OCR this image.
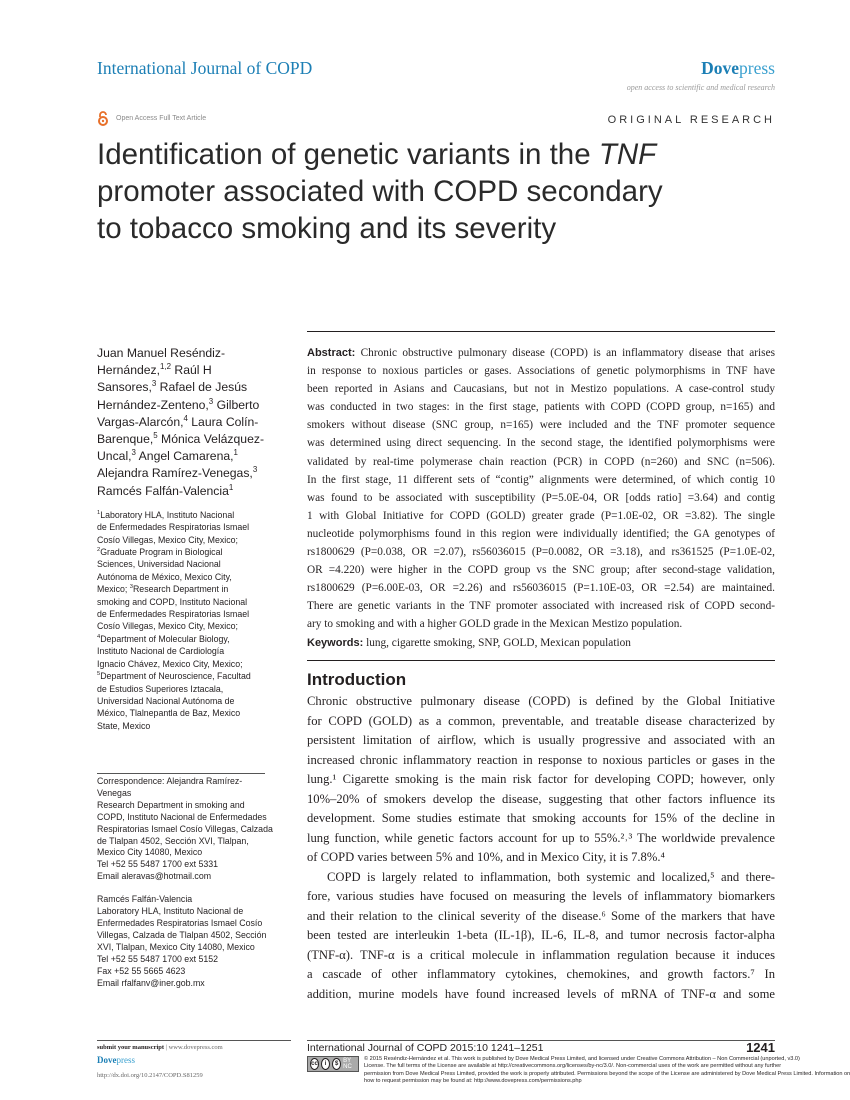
International Journal of COPD	Dovepress
open access to scientific and medical research
Open Access Full Text Article	ORIGINAL RESEARCH
Identification of genetic variants in the TNF
promoter associated with COPD secondary
to tobacco smoking and its severity
Juan Manuel Reséndiz-
Hernández,$^{1,2}$ Raúl H
Sansores,$^3$ Rafael de Jesús
Hernández-Zenteno,$^3$ Gilberto
Vargas-Alarcón,$^4$ Laura Colín-
Barenque,$^5$ Mónica Velázquez-
Uncal,$^3$ Angel Camarena,$^1$
Alejandra Ramírez-Venegas,$^3$
Ramcés Falfán-Valencia$^1$
$^1$Laboratory HLA, Instituto Nacional
de Enfermedades Respiratorias Ismael
Cosío Villegas, Mexico City, Mexico;
$^2$Graduate Program in Biological
Sciences, Universidad Nacional
Autónoma de México, Mexico City,
Mexico; $^3$Research Department in
smoking and COPD, Instituto Nacional
de Enfermedades Respiratorias Ismael
Cosío Villegas, Mexico City, Mexico;
$^4$Department of Molecular Biology,
Instituto Nacional de Cardiología
Ignacio Chávez, Mexico City, Mexico;
$^5$Department of Neuroscience, Facultad
de Estudios Superiores Iztacala,
Universidad Nacional Autónoma de
México, Tlalnepantla de Baz, Mexico
State, Mexico
Correspondence: Alejandra Ramírez-
Venegas
Research Department in smoking and
COPD, Instituto Nacional de Enfermedades
Respiratorias Ismael Cosío Villegas, Calzada
de Tlalpan 4502, Sección XVI, Tlalpan,
Mexico City 14080, Mexico
Tel +52 55 5487 1700 ext 5331
Email aleravas@hotmail.com
Ramcés Falfán-Valencia
Laboratory HLA, Instituto Nacional de
Enfermedades Respiratorias Ismael Cosío
Villegas, Calzada de Tlalpan 4502, Sección
XVI, Tlalpan, Mexico City 14080, Mexico
Tel +52 55 5487 1700 ext 5152
Fax +52 55 5665 4623
Email rfalfanv@iner.gob.mx
Abstract: Chronic obstructive pulmonary disease (COPD) is an inflammatory disease that arises
in response to noxious particles or gases. Associations of genetic polymorphisms in TNF have
been reported in Asians and Caucasians, but not in Mestizo populations. A case-control study
was conducted in two stages: in the first stage, patients with COPD (COPD group, n=165) and
smokers without disease (SNC group, n=165) were included and the TNF promoter sequence
was determined using direct sequencing. In the second stage, the identified polymorphisms were
validated by real-time polymerase chain reaction (PCR) in COPD (n=260) and SNC (n=506).
In the first stage, 11 different sets of “contig” alignments were determined, of which contig 10
was found to be associated with susceptibility (P=5.0E-04, OR [odds ratio] =3.64) and contig
1 with Global Initiative for COPD (GOLD) greater grade (P=1.0E-02, OR =3.82). The single
nucleotide polymorphisms found in this region were individually identified; the GA genotypes of
rs1800629 (P=0.038, OR =2.07), rs56036015 (P=0.0082, OR =3.18), and rs361525 (P=1.0E-02,
OR =4.220) were higher in the COPD group vs the SNC group; after second-stage validation,
rs1800629 (P=6.00E-03, OR =2.26) and rs56036015 (P=1.10E-03, OR =2.54) are maintained.
There are genetic variants in the TNF promoter associated with increased risk of COPD second-
ary to smoking and with a higher GOLD grade in the Mexican Mestizo population.
Keywords: lung, cigarette smoking, SNP, GOLD, Mexican population
Introduction
Chronic obstructive pulmonary disease (COPD) is defined by the Global Initiative
for COPD (GOLD) as a common, preventable, and treatable disease characterized by
persistent limitation of airflow, which is usually progressive and associated with an
increased chronic inflammatory reaction in response to noxious particles or gases in the
lung.¹ Cigarette smoking is the main risk factor for developing COPD; however, only
10%–20% of smokers develop the disease, suggesting that other factors influence its
development. Some studies estimate that smoking accounts for 15% of the decline in
lung function, while genetic factors account for up to 55%.²˒³ The worldwide prevalence
of COPD varies between 5% and 10%, and in Mexico City, it is 7.8%.⁴
COPD is largely related to inflammation, both systemic and localized,⁵ and there-
fore, various studies have focused on measuring the levels of inflammatory biomarkers
and their relation to the clinical severity of the disease.⁶ Some of the markers that have
been tested are interleukin 1-beta (IL-1β), IL-6, IL-8, and tumor necrosis factor-alpha
(TNF-α). TNF-α is a critical molecule in inflammation regulation because it induces
a cascade of other inflammatory cytokines, chemokines, and growth factors.⁷ In
addition, murine models have found increased levels of mRNA of TNF-α and some
submit your manuscript | www.dovepress.com
Dovepress
http://dx.doi.org/10.2147/COPD.S81259
International Journal of COPD 2015:10 1241–1251	1241
cc	i	$ BY NC
© 2015 Reséndiz-Hernández et al. This work is published by Dove Medical Press Limited, and licensed under Creative Commons Attribution – Non Commercial (unported, v3.0)
License. The full terms of the License are available at http://creativecommons.org/licenses/by-nc/3.0/. Non-commercial uses of the work are permitted without any further
permission from Dove Medical Press Limited, provided the work is properly attributed. Permissions beyond the scope of the License are administered by Dove Medical Press Limited. Information on
how to request permission may be found at: http://www.dovepress.com/permissions.php
